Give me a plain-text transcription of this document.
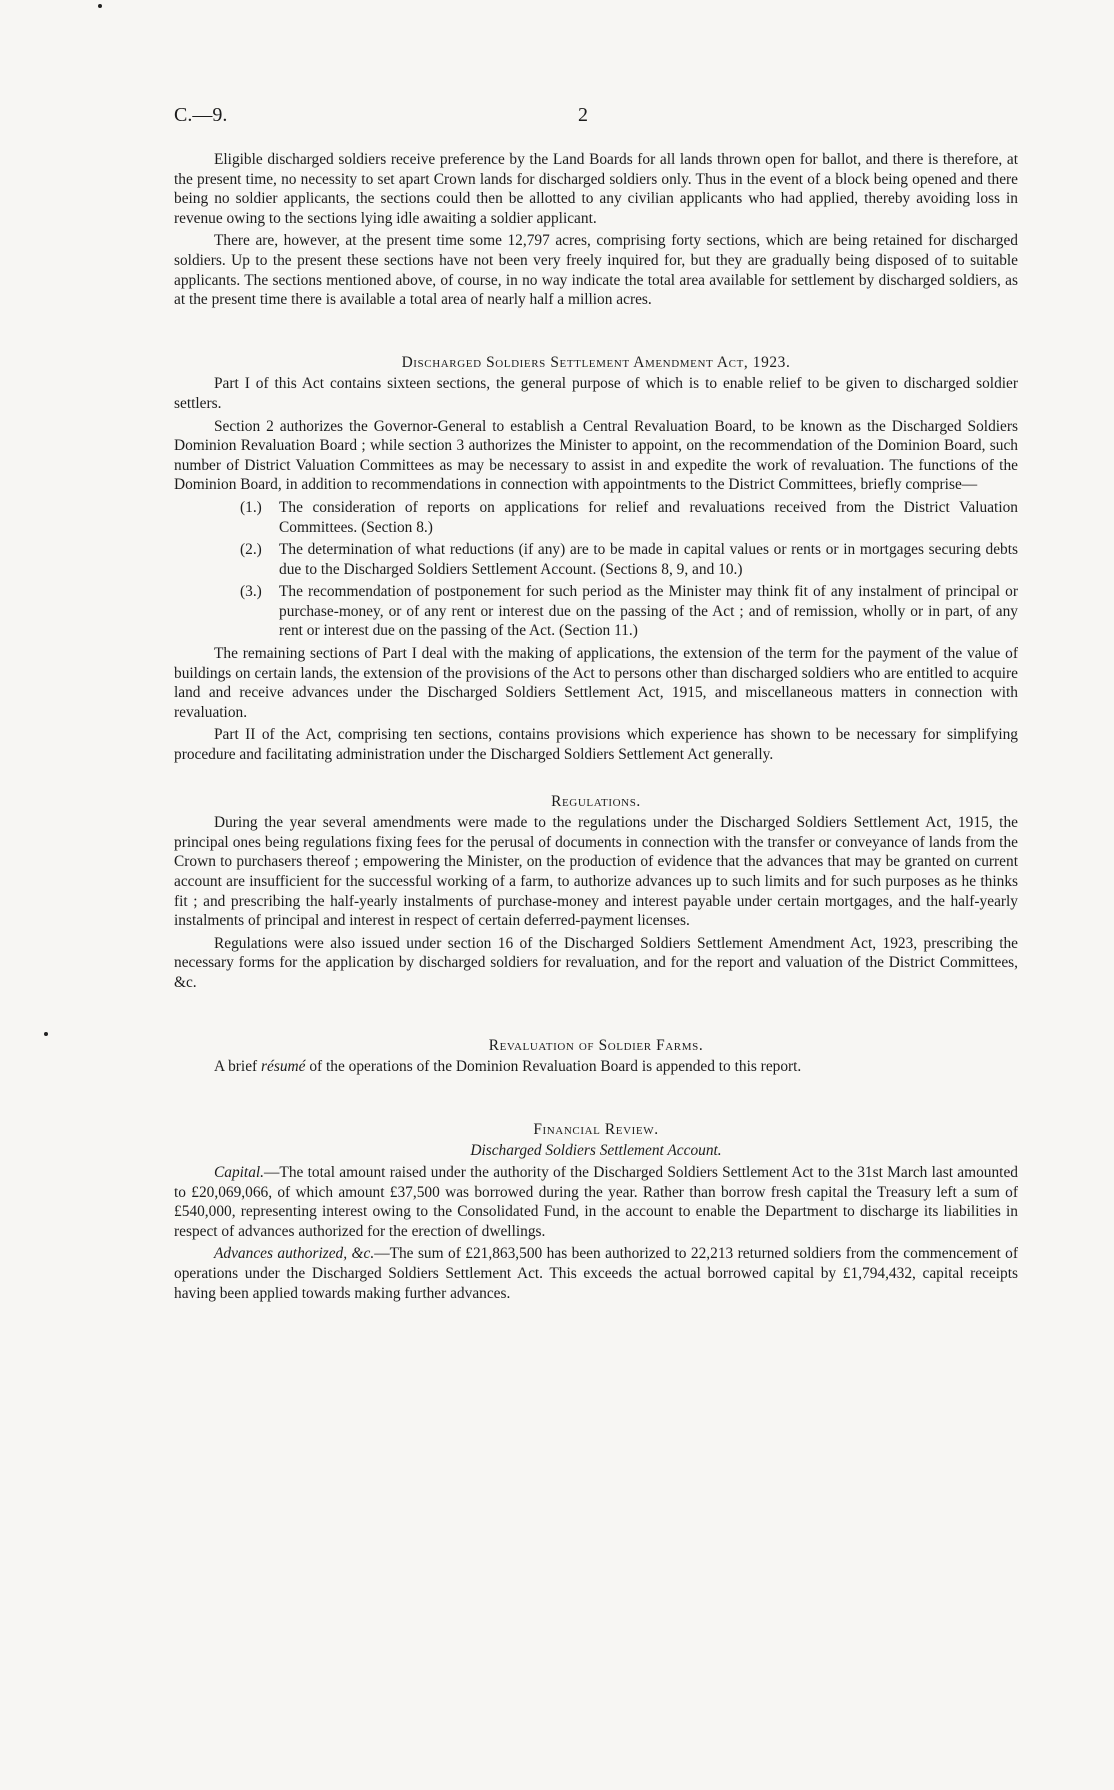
C.—9.	2

Eligible discharged soldiers receive preference by the Land Boards for all lands thrown open for ballot, and there is therefore, at the present time, no necessity to set apart Crown lands for discharged soldiers only. Thus in the event of a block being opened and there being no soldier applicants, the sections could then be allotted to any civilian applicants who had applied, thereby avoiding loss in revenue owing to the sections lying idle awaiting a soldier applicant.

There are, however, at the present time some 12,797 acres, comprising forty sections, which are being retained for discharged soldiers. Up to the present these sections have not been very freely inquired for, but they are gradually being disposed of to suitable applicants. The sections mentioned above, of course, in no way indicate the total area available for settlement by discharged soldiers, as at the present time there is available a total area of nearly half a million acres.

Discharged Soldiers Settlement Amendment Act, 1923.

Part I of this Act contains sixteen sections, the general purpose of which is to enable relief to be given to discharged soldier settlers.

Section 2 authorizes the Governor-General to establish a Central Revaluation Board, to be known as the Discharged Soldiers Dominion Revaluation Board ; while section 3 authorizes the Minister to appoint, on the recommendation of the Dominion Board, such number of District Valuation Committees as may be necessary to assist in and expedite the work of revaluation. The functions of the Dominion Board, in addition to recommendations in connection with appointments to the District Committees, briefly comprise—

(1.)	The consideration of reports on applications for relief and revaluations received from the District Valuation Committees. (Section 8.)
(2.)	The determination of what reductions (if any) are to be made in capital values or rents or in mortgages securing debts due to the Discharged Soldiers Settlement Account. (Sections 8, 9, and 10.)
(3.)	The recommendation of postponement for such period as the Minister may think fit of any instalment of principal or purchase-money, or of any rent or interest due on the passing of the Act ; and of remission, wholly or in part, of any rent or interest due on the passing of the Act. (Section 11.)

The remaining sections of Part I deal with the making of applications, the extension of the term for the payment of the value of buildings on certain lands, the extension of the provisions of the Act to persons other than discharged soldiers who are entitled to acquire land and receive advances under the Discharged Soldiers Settlement Act, 1915, and miscellaneous matters in connection with revaluation.

Part II of the Act, comprising ten sections, contains provisions which experience has shown to be necessary for simplifying procedure and facilitating administration under the Discharged Soldiers Settlement Act generally.

Regulations.

During the year several amendments were made to the regulations under the Discharged Soldiers Settlement Act, 1915, the principal ones being regulations fixing fees for the perusal of documents in connection with the transfer or conveyance of lands from the Crown to purchasers thereof ; empowering the Minister, on the production of evidence that the advances that may be granted on current account are insufficient for the successful working of a farm, to authorize advances up to such limits and for such purposes as he thinks fit ; and prescribing the half-yearly instalments of purchase-money and interest payable under certain mortgages, and the half-yearly instalments of principal and interest in respect of certain deferred-payment licenses.

Regulations were also issued under section 16 of the Discharged Soldiers Settlement Amendment Act, 1923, prescribing the necessary forms for the application by discharged soldiers for revaluation, and for the report and valuation of the District Committees, &c.

Revaluation of Soldier Farms.

A brief résumé of the operations of the Dominion Revaluation Board is appended to this report.

Financial Review.
Discharged Soldiers Settlement Account.

Capital.—The total amount raised under the authority of the Discharged Soldiers Settlement Act to the 31st March last amounted to £20,069,066, of which amount £37,500 was borrowed during the year. Rather than borrow fresh capital the Treasury left a sum of £540,000, representing interest owing to the Consolidated Fund, in the account to enable the Department to discharge its liabilities in respect of advances authorized for the erection of dwellings.

Advances authorized, &c.—The sum of £21,863,500 has been authorized to 22,213 returned soldiers from the commencement of operations under the Discharged Soldiers Settlement Act. This exceeds the actual borrowed capital by £1,794,432, capital receipts having been applied towards making further advances.
